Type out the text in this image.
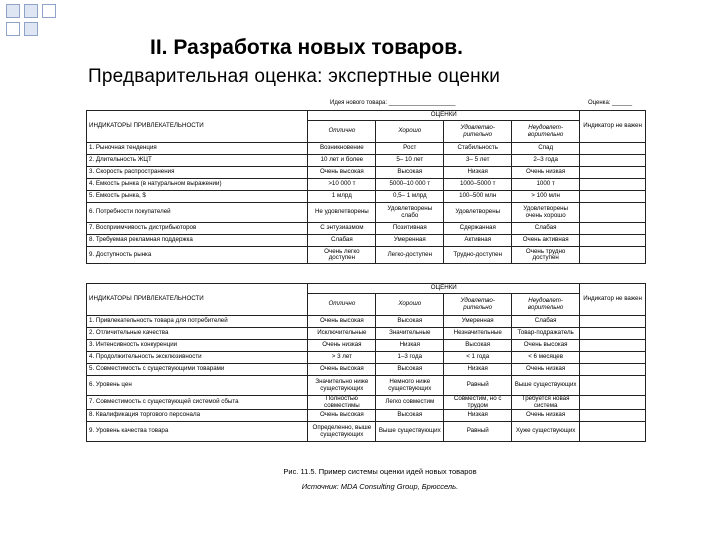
II. Разработка новых товаров.
Предварительная оценка: экспертные оценки
Идея нового товара: ____________________	Оценка: ______
ИНДИКАТОРЫ ПРИВЛЕКАТЕЛЬНОСТИ	ОЦЕНКИ				Индикатор не важен
	Отлично	Хорошо	Удовлетво-рительно	Неудовлет-ворительно	
1. Рыночная тенденция	Возникновение	Рост	Стабильность	Спад	
2. Длительность ЖЦТ	10 лет и более	5– 10 лет	3– 5 лет	2–3 года	
3. Скорость распространения	Очень высокая	Высокая	Низкая	Очень низкая	
4. Емкость рынка (в натуральном выражении)	>10 000 т	5000–10 000 т	1000–5000 т	1000 т	
5. Емкость рынка, $	1 млрд	0,5– 1 млрд	100–500 млн	> 100 млн	
6. Потребности покупателей	Не удовлетворены	Удовлетворены слабо	Удовлетворены	Удовлетворены очень хорошо	
7. Восприимчивость дистрибьюторов	С энтузиазмом	Позитивная	Сдержанная	Слабая	
8. Требуемая рекламная поддержка	Слабая	Умеренная	Активная	Очень активная	
9. Доступность рынка	Очень легко доступен	Легко-доступен	Трудно-доступен	Очень трудно доступен	
ИНДИКАТОРЫ ПРИВЛЕКАТЕЛЬНОСТИ	ОЦЕНКИ				Индикатор не важен
	Отлично	Хорошо	Удовлетво-рительно	Неудовлет-ворительно	
1. Привлекательность товара для потребителей	Очень высокая	Высокая	Умеренная	Слабая	
2. Отличительные качества	Исключительные	Значительные	Незначительные	Товар-подражатель	
3. Интенсивность конкуренции	Очень низкая	Низкая	Высокая	Очень высокая	
4. Продолжительность эксклюзивности	> 3 лет	1–3 года	< 1 года	< 6 месяцев	
5. Совместимость с существующими товарами	Очень высокая	Высокая	Низкая	Очень низкая	
6. Уровень цен	Значительно ниже существующих	Немного ниже существующих	Равный	Выше существующих	
7. Совместимость с существующей системой сбыта	Полностью совместимы	Легко совместим	Совместим, но с трудом	Требуется новая система	
8. Квалификация торгового персонала	Очень высокая	Высокая	Низкая	Очень низкая	
9. Уровень качества товара	Определенно, выше существующих	Выше существующих	Равный	Хуже существующих	
Рис. 11.5. Пример системы оценки идей новых товаров
Источник: MDA Consulting Group, Брюссель.
